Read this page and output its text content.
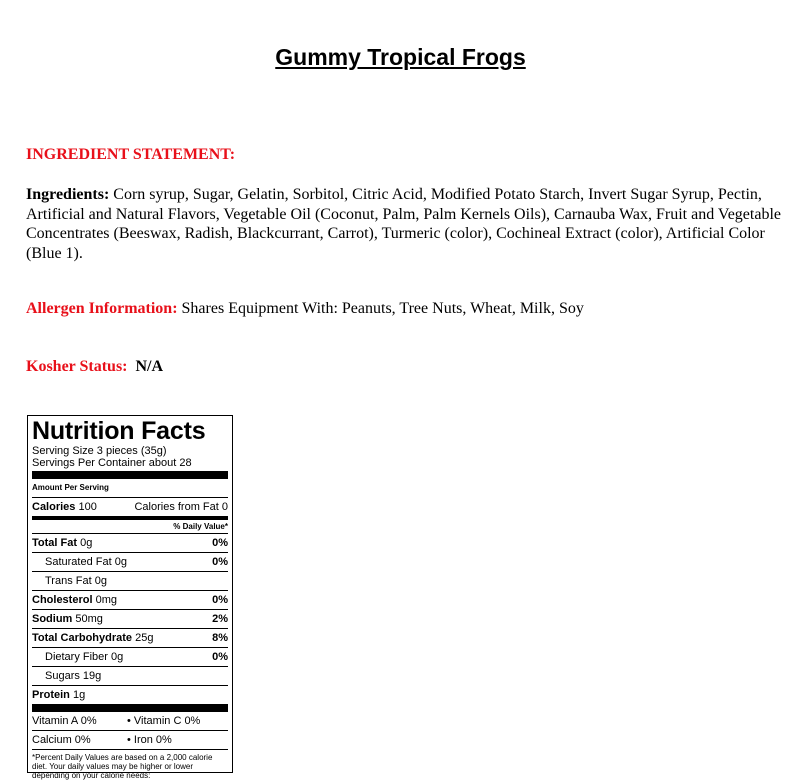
Gummy Tropical Frogs
INGREDIENT STATEMENT:
Ingredients: Corn syrup, Sugar, Gelatin, Sorbitol, Citric Acid, Modified Potato Starch, Invert Sugar Syrup, Pectin, Artificial and Natural Flavors, Vegetable Oil (Coconut, Palm, Palm Kernels Oils), Carnauba Wax, Fruit and Vegetable Concentrates (Beeswax, Radish, Blackcurrant, Carrot), Turmeric (color), Cochineal Extract (color), Artificial Color (Blue 1).
Allergen Information: Shares Equipment With: Peanuts, Tree Nuts, Wheat, Milk, Soy
Kosher Status: N/A
Nutrition Facts
Serving Size 3 pieces (35g)
Servings Per Container about 28
Amount Per Serving
Calories 100	Calories from Fat 0
% Daily Value*
Total Fat 0g	0%
Saturated Fat 0g	0%
Trans Fat 0g
Cholesterol 0mg	0%
Sodium 50mg	2%
Total Carbohydrate 25g	8%
Dietary Fiber 0g	0%
Sugars 19g
Protein 1g
Vitamin A 0%	• Vitamin C 0%
Calcium 0%	• Iron 0%
*Percent Daily Values are based on a 2,000 calorie diet. Your daily values may be higher or lower depending on your calorie needs:
